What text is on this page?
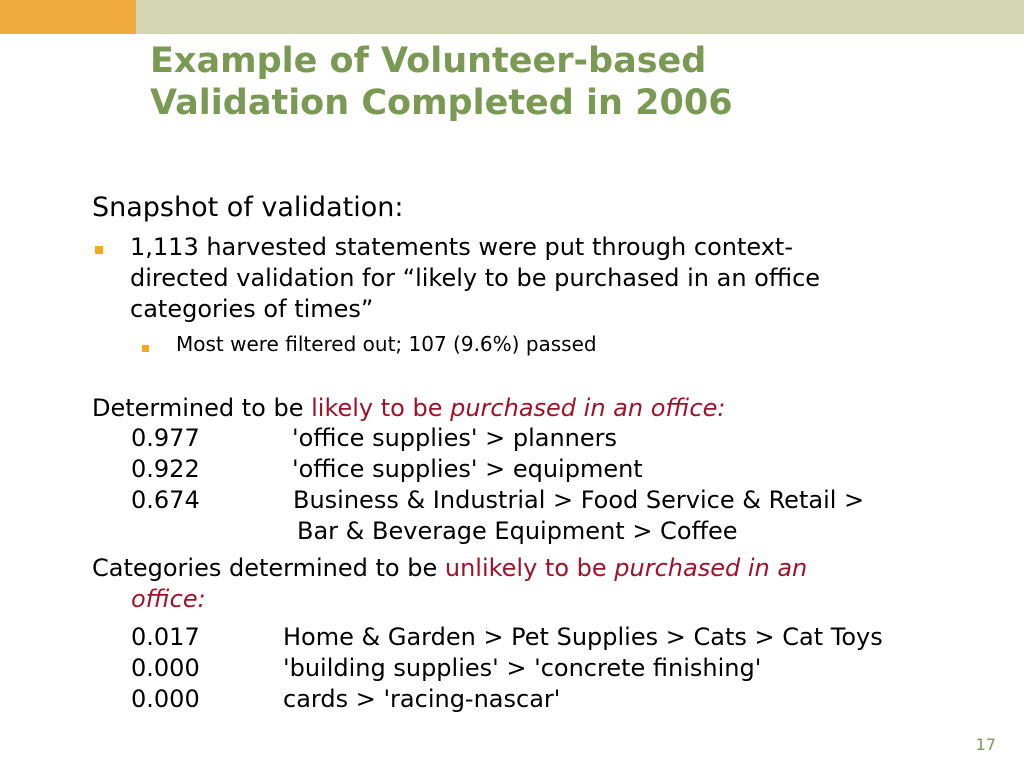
Example of Volunteer-based
Validation Completed in 2006
Snapshot of validation:
1,113 harvested statements were put through context-
directed validation for “likely to be purchased in an office
categories of times”
Most were filtered out; 107 (9.6%) passed
Determined to be likely to be purchased in an office:
0.977	'office supplies' > planners
0.922	'office supplies' > equipment
0.674	Business & Industrial > Food Service & Retail >
Bar & Beverage Equipment > Coffee
Categories determined to be unlikely to be purchased in an
office:
0.017	Home & Garden > Pet Supplies > Cats > Cat Toys
0.000	'building supplies' > 'concrete finishing'
0.000	cards > 'racing-nascar'
17
